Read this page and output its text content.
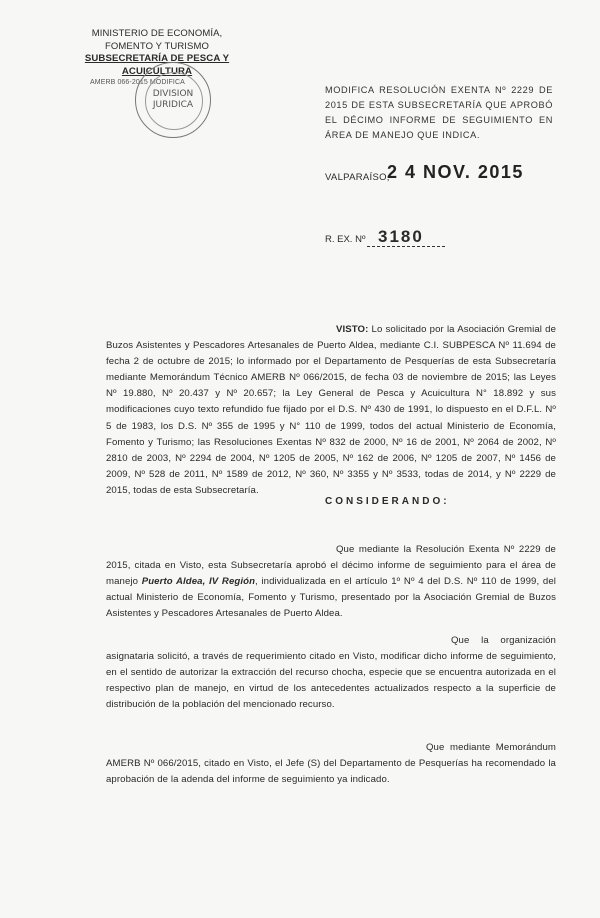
MINISTERIO DE ECONOMÍA,
FOMENTO Y TURISMO
SUBSECRETARÍA DE PESCA Y ACUICULTURA
AMERB 066-2015 MODIFICA
DIVISION
JURIDICA
MODIFICA RESOLUCIÓN EXENTA Nº 2229 DE 2015 DE ESTA SUBSECRETARÍA QUE APROBÓ EL DÉCIMO INFORME DE SEGUIMIENTO EN ÁREA DE MANEJO QUE INDICA.
VALPARAÍSO,
2 4 NOV. 2015
R. EX. Nº 3180
VISTO: Lo solicitado por la Asociación Gremial de Buzos Asistentes y Pescadores Artesanales de Puerto Aldea, mediante C.I. SUBPESCA Nº 11.694 de fecha 2 de octubre de 2015; lo informado por el Departamento de Pesquerías de esta Subsecretaría mediante Memorándum Técnico AMERB Nº 066/2015, de fecha 03 de noviembre de 2015; las Leyes Nº 19.880, Nº 20.437 y Nº 20.657; la Ley General de Pesca y Acuicultura N° 18.892 y sus modificaciones cuyo texto refundido fue fijado por el D.S. Nº 430 de 1991, lo dispuesto en el D.F.L. Nº 5 de 1983, los D.S. Nº 355 de 1995 y N° 110 de 1999, todos del actual Ministerio de Economía, Fomento y Turismo; las Resoluciones Exentas Nº 832 de 2000, Nº 16 de 2001, Nº 2064 de 2002, Nº 2810 de 2003, Nº 2294 de 2004, Nº 1205 de 2005, Nº 162 de 2006, Nº 1205 de 2007, Nº 1456 de 2009, Nº 528 de 2011, Nº 1589 de 2012, Nº 360, Nº 3355 y Nº 3533, todas de 2014, y Nº 2229 de 2015, todas de esta Subsecretaría.
CONSIDERANDO:
Que mediante la Resolución Exenta Nº 2229 de 2015, citada en Visto, esta Subsecretaría aprobó el décimo informe de seguimiento para el área de manejo Puerto Aldea, IV Región, individualizada en el artículo 1º Nº 4 del D.S. Nº 110 de 1999, del actual Ministerio de Economía, Fomento y Turismo, presentado por la Asociación Gremial de Buzos Asistentes y Pescadores Artesanales de Puerto Aldea.
Que la organización asignataria solicitó, a través de requerimiento citado en Visto, modificar dicho informe de seguimiento, en el sentido de autorizar la extracción del recurso chocha, especie que se encuentra autorizada en el respectivo plan de manejo, en virtud de los antecedentes actualizados respecto a la superficie de distribución de la población del mencionado recurso.
Que mediante Memorándum AMERB Nº 066/2015, citado en Visto, el Jefe (S) del Departamento de Pesquerías ha recomendado la aprobación de la adenda del informe de seguimiento ya indicado.
